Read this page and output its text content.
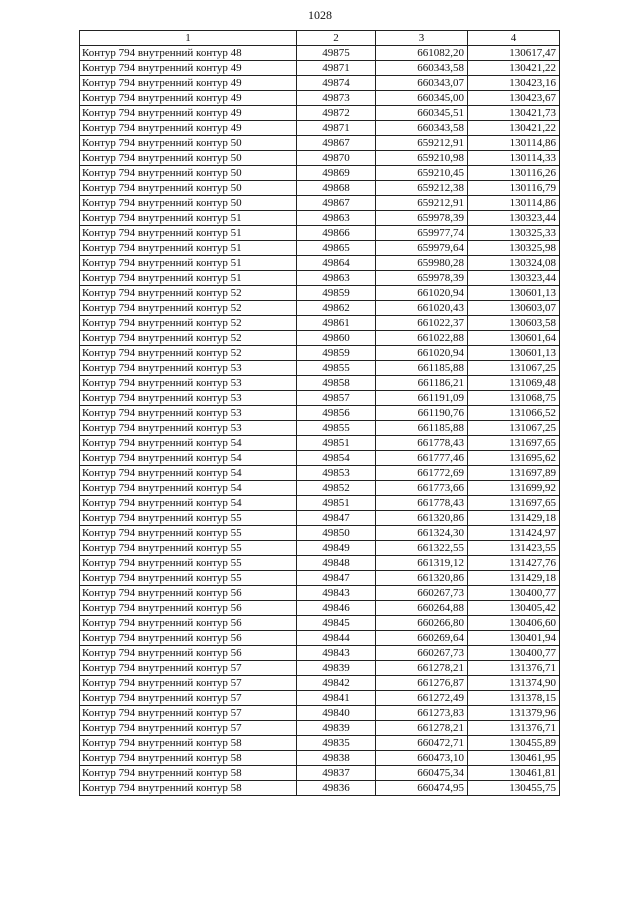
1028
1	2	3	4
Контур 794 внутренний контур 48	49875	661082,20	130617,47
Контур 794 внутренний контур 49	49871	660343,58	130421,22
Контур 794 внутренний контур 49	49874	660343,07	130423,16
Контур 794 внутренний контур 49	49873	660345,00	130423,67
Контур 794 внутренний контур 49	49872	660345,51	130421,73
Контур 794 внутренний контур 49	49871	660343,58	130421,22
Контур 794 внутренний контур 50	49867	659212,91	130114,86
Контур 794 внутренний контур 50	49870	659210,98	130114,33
Контур 794 внутренний контур 50	49869	659210,45	130116,26
Контур 794 внутренний контур 50	49868	659212,38	130116,79
Контур 794 внутренний контур 50	49867	659212,91	130114,86
Контур 794 внутренний контур 51	49863	659978,39	130323,44
Контур 794 внутренний контур 51	49866	659977,74	130325,33
Контур 794 внутренний контур 51	49865	659979,64	130325,98
Контур 794 внутренний контур 51	49864	659980,28	130324,08
Контур 794 внутренний контур 51	49863	659978,39	130323,44
Контур 794 внутренний контур 52	49859	661020,94	130601,13
Контур 794 внутренний контур 52	49862	661020,43	130603,07
Контур 794 внутренний контур 52	49861	661022,37	130603,58
Контур 794 внутренний контур 52	49860	661022,88	130601,64
Контур 794 внутренний контур 52	49859	661020,94	130601,13
Контур 794 внутренний контур 53	49855	661185,88	131067,25
Контур 794 внутренний контур 53	49858	661186,21	131069,48
Контур 794 внутренний контур 53	49857	661191,09	131068,75
Контур 794 внутренний контур 53	49856	661190,76	131066,52
Контур 794 внутренний контур 53	49855	661185,88	131067,25
Контур 794 внутренний контур 54	49851	661778,43	131697,65
Контур 794 внутренний контур 54	49854	661777,46	131695,62
Контур 794 внутренний контур 54	49853	661772,69	131697,89
Контур 794 внутренний контур 54	49852	661773,66	131699,92
Контур 794 внутренний контур 54	49851	661778,43	131697,65
Контур 794 внутренний контур 55	49847	661320,86	131429,18
Контур 794 внутренний контур 55	49850	661324,30	131424,97
Контур 794 внутренний контур 55	49849	661322,55	131423,55
Контур 794 внутренний контур 55	49848	661319,12	131427,76
Контур 794 внутренний контур 55	49847	661320,86	131429,18
Контур 794 внутренний контур 56	49843	660267,73	130400,77
Контур 794 внутренний контур 56	49846	660264,88	130405,42
Контур 794 внутренний контур 56	49845	660266,80	130406,60
Контур 794 внутренний контур 56	49844	660269,64	130401,94
Контур 794 внутренний контур 56	49843	660267,73	130400,77
Контур 794 внутренний контур 57	49839	661278,21	131376,71
Контур 794 внутренний контур 57	49842	661276,87	131374,90
Контур 794 внутренний контур 57	49841	661272,49	131378,15
Контур 794 внутренний контур 57	49840	661273,83	131379,96
Контур 794 внутренний контур 57	49839	661278,21	131376,71
Контур 794 внутренний контур 58	49835	660472,71	130455,89
Контур 794 внутренний контур 58	49838	660473,10	130461,95
Контур 794 внутренний контур 58	49837	660475,34	130461,81
Контур 794 внутренний контур 58	49836	660474,95	130455,75
